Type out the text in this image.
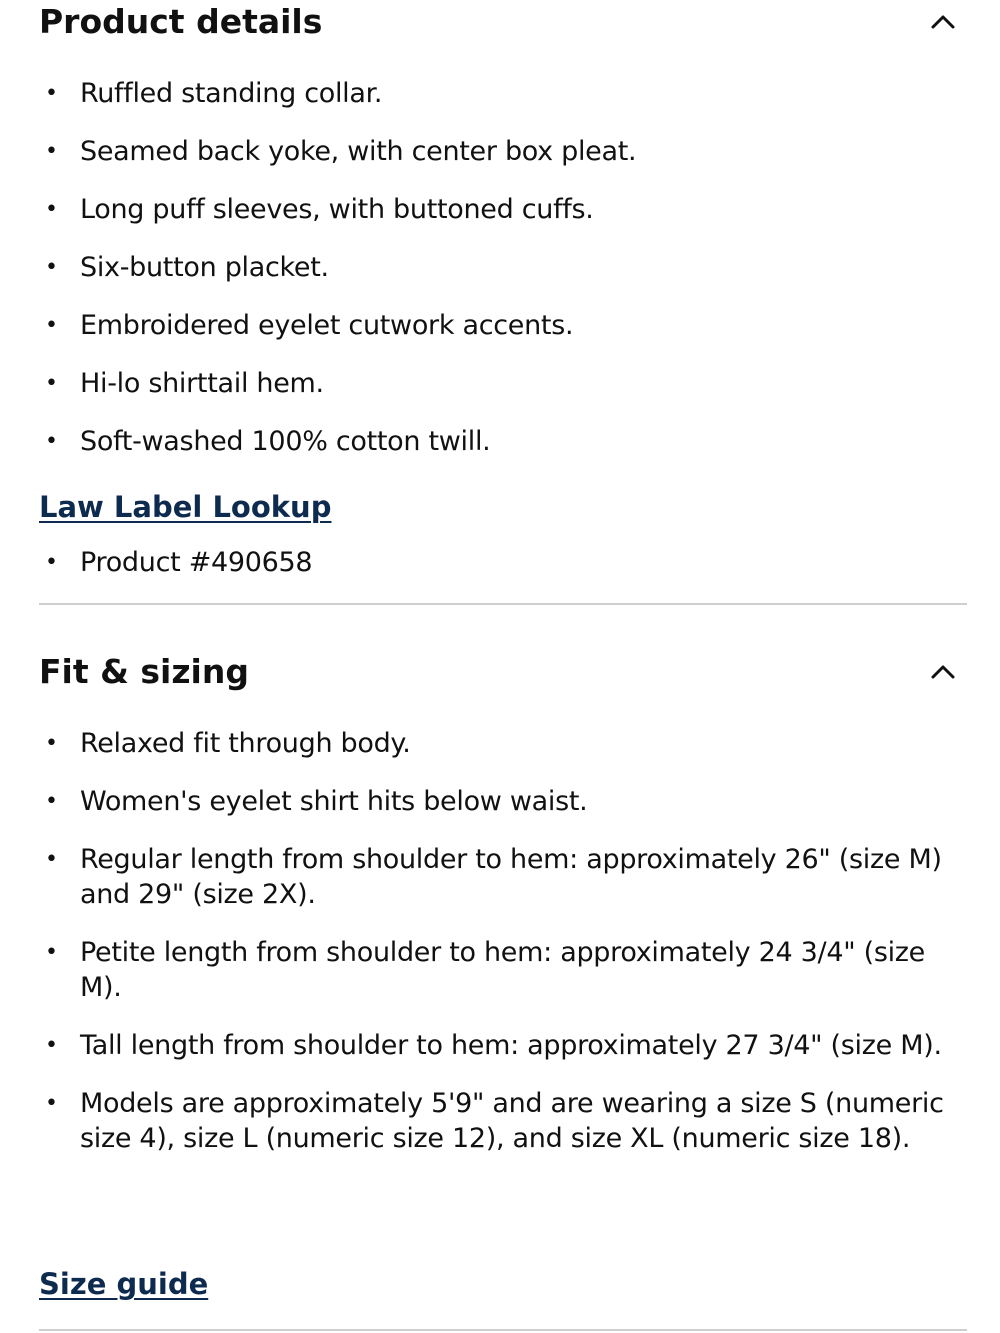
Product details
• Ruffled standing collar.
• Seamed back yoke, with center box pleat.
• Long puff sleeves, with buttoned cuffs.
• Six-button placket.
• Embroidered eyelet cutwork accents.
• Hi-lo shirttail hem.
• Soft-washed 100% cotton twill.
Law Label Lookup
• Product #490658
Fit & sizing
• Relaxed fit through body.
• Women's eyelet shirt hits below waist.
• Regular length from shoulder to hem: approximately 26" (size M) and 29" (size 2X).
• Petite length from shoulder to hem: approximately 24 3/4" (size M).
• Tall length from shoulder to hem: approximately 27 3/4" (size M).
• Models are approximately 5'9" and are wearing a size S (numeric size 4), size L (numeric size 12), and size XL (numeric size 18).
Size guide
